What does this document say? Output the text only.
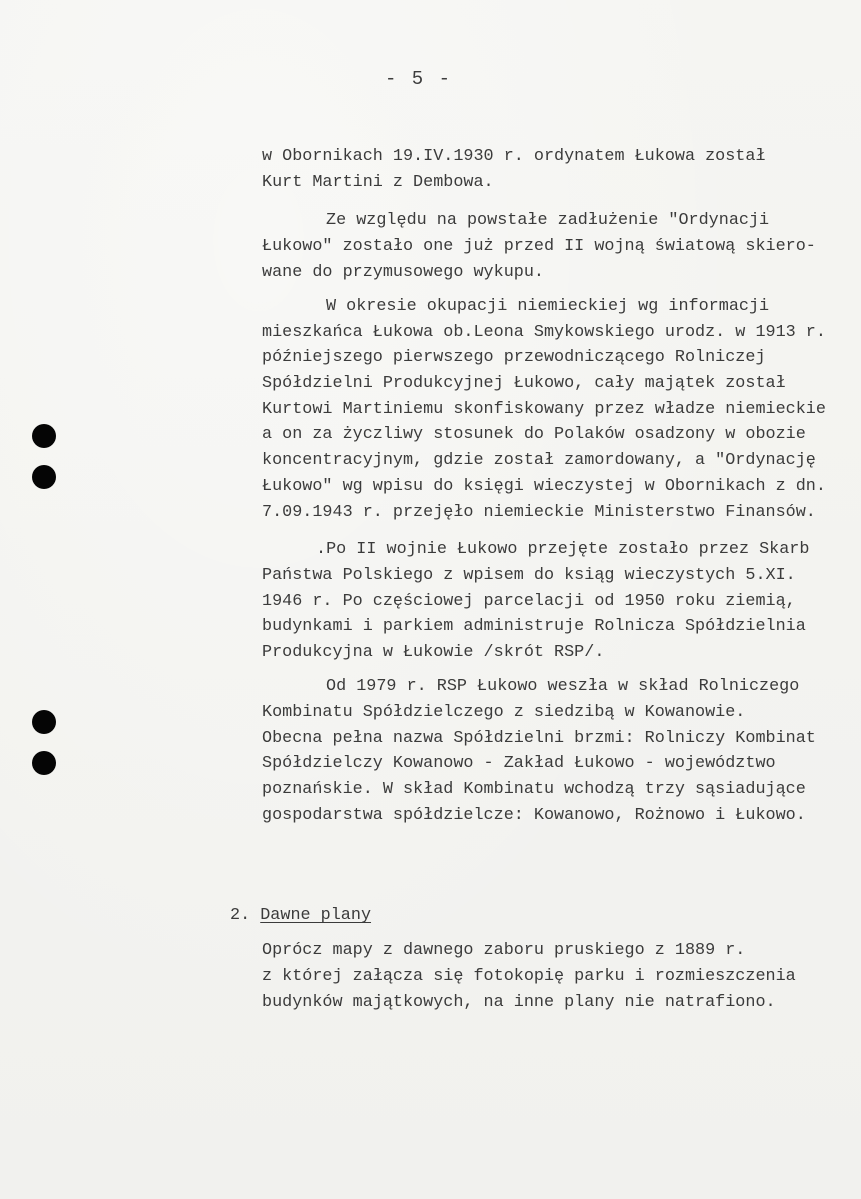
- 5 -
w Obornikach 19.IV.1930 r. ordynatem Łukowa został
Kurt Martini z Dembowa.
Ze względu na powstałe zadłużenie "Ordynacji
Łukowo" zostało one już przed II wojną światową skiero-
wane do przymusowego wykupu.
W okresie okupacji niemieckiej wg informacji
mieszkańca Łukowa ob.Leona Smykowskiego urodz. w 1913 r.
późniejszego pierwszego przewodniczącego Rolniczej
Spółdzielni Produkcyjnej Łukowo, cały majątek został
Kurtowi Martiniemu skonfiskowany przez władze niemieckie
a on za życzliwy stosunek do Polaków osadzony w obozie
koncentracyjnym, gdzie został zamordowany, a "Ordynację
Łukowo" wg wpisu do księgi wieczystej w Obornikach z dn.
7.09.1943 r. przejęło niemieckie Ministerstwo Finansów.
.Po II wojnie Łukowo przejęte zostało przez Skarb
Państwa Polskiego z wpisem do ksiąg wieczystych 5.XI.
1946 r. Po częściowej parcelacji od 1950 roku ziemią,
budynkami i parkiem administruje Rolnicza Spółdzielnia
Produkcyjna w Łukowie /skrót RSP/.
Od 1979 r. RSP Łukowo weszła w skład Rolniczego
Kombinatu Spółdzielczego z siedzibą w Kowanowie.
Obecna pełna nazwa Spółdzielni brzmi: Rolniczy Kombinat
Spółdzielczy Kowanowo - Zakład Łukowo - województwo
poznańskie. W skład Kombinatu wchodzą trzy sąsiadujące
gospodarstwa spółdzielcze: Kowanowo, Rożnowo i Łukowo.
2. Dawne plany
Oprócz mapy z dawnego zaboru pruskiego z 1889 r.
z której załącza się fotokopię parku i rozmieszczenia
budynków majątkowych, na inne plany nie natrafiono.
